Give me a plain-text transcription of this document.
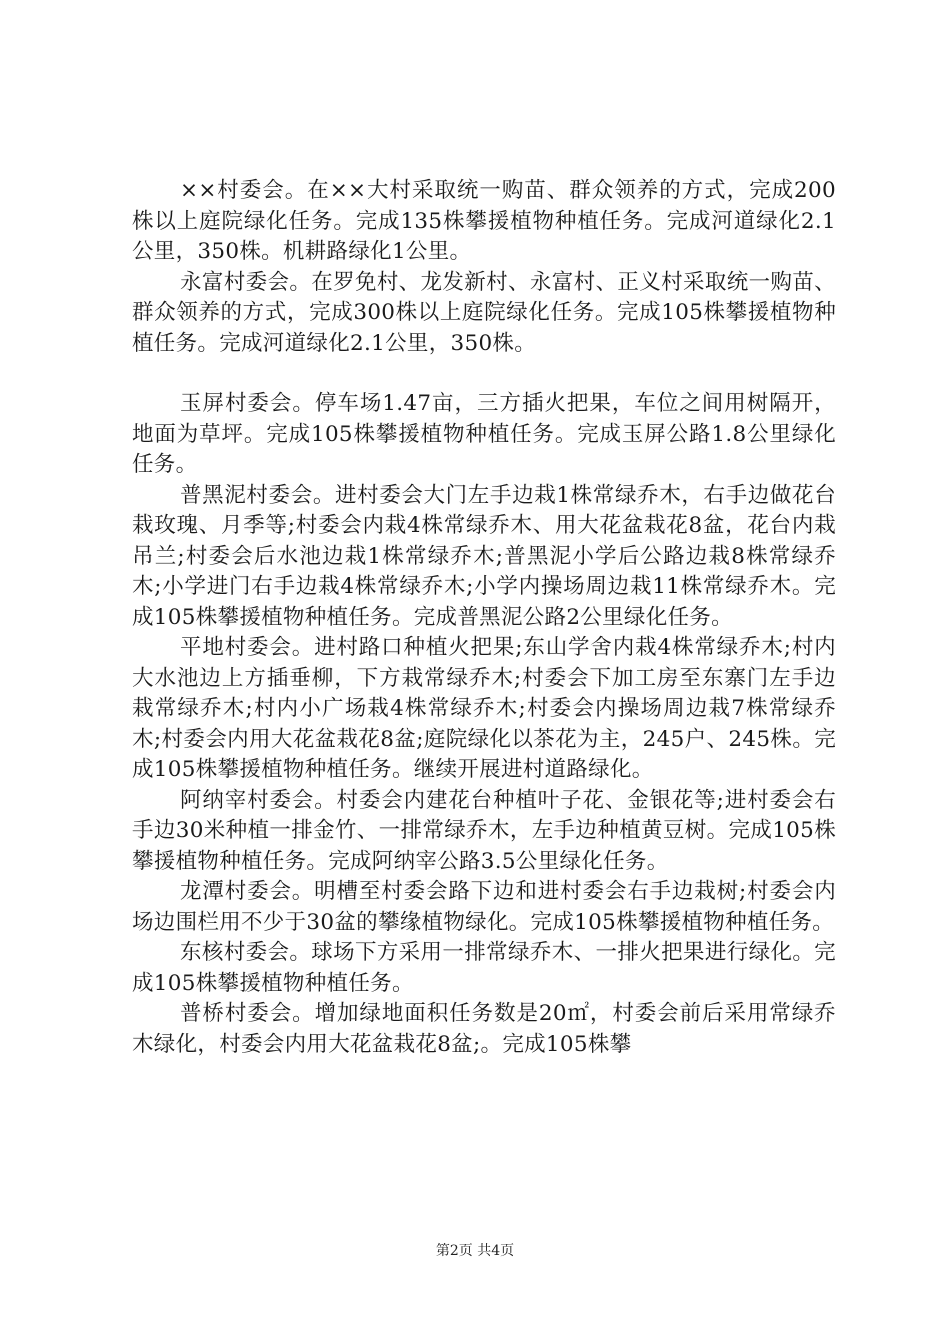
××村委会。在××大村采取统一购苗、群众领养的方式，完成200株以上庭院绿化任务。完成135株攀援植物种植任务。完成河道绿化2.1公里，350株。机耕路绿化1公里。

永富村委会。在罗免村、龙发新村、永富村、正义村采取统一购苗、群众领养的方式，完成300株以上庭院绿化任务。完成105株攀援植物种植任务。完成河道绿化2.1公里，350株。

玉屏村委会。停车场1.47亩，三方插火把果，车位之间用树隔开，地面为草坪。完成105株攀援植物种植任务。完成玉屏公路1.8公里绿化任务。

普黑泥村委会。进村委会大门左手边栽1株常绿乔木，右手边做花台栽玫瑰、月季等;村委会内栽4株常绿乔木、用大花盆栽花8盆，花台内栽吊兰;村委会后水池边栽1株常绿乔木;普黑泥小学后公路边栽8株常绿乔木;小学进门右手边栽4株常绿乔木;小学内操场周边栽11株常绿乔木。完成105株攀援植物种植任务。完成普黑泥公路2公里绿化任务。

平地村委会。进村路口种植火把果;东山学舍内栽4株常绿乔木;村内大水池边上方插垂柳，下方栽常绿乔木;村委会下加工房至东寨门左手边栽常绿乔木;村内小广场栽4株常绿乔木;村委会内操场周边栽7株常绿乔木;村委会内用大花盆栽花8盆;庭院绿化以茶花为主，245户、245株。完成105株攀援植物种植任务。继续开展进村道路绿化。

阿纳宰村委会。村委会内建花台种植叶子花、金银花等;进村委会右手边30米种植一排金竹、一排常绿乔木，左手边种植黄豆树。完成105株攀援植物种植任务。完成阿纳宰公路3.5公里绿化任务。

龙潭村委会。明槽至村委会路下边和进村委会右手边栽树;村委会内场边围栏用不少于30盆的攀缘植物绿化。完成105株攀援植物种植任务。

东核村委会。球场下方采用一排常绿乔木、一排火把果进行绿化。完成105株攀援植物种植任务。

普桥村委会。增加绿地面积任务数是20㎡，村委会前后采用常绿乔木绿化，村委会内用大花盆栽花8盆;。完成105株攀

第2页 共4页
